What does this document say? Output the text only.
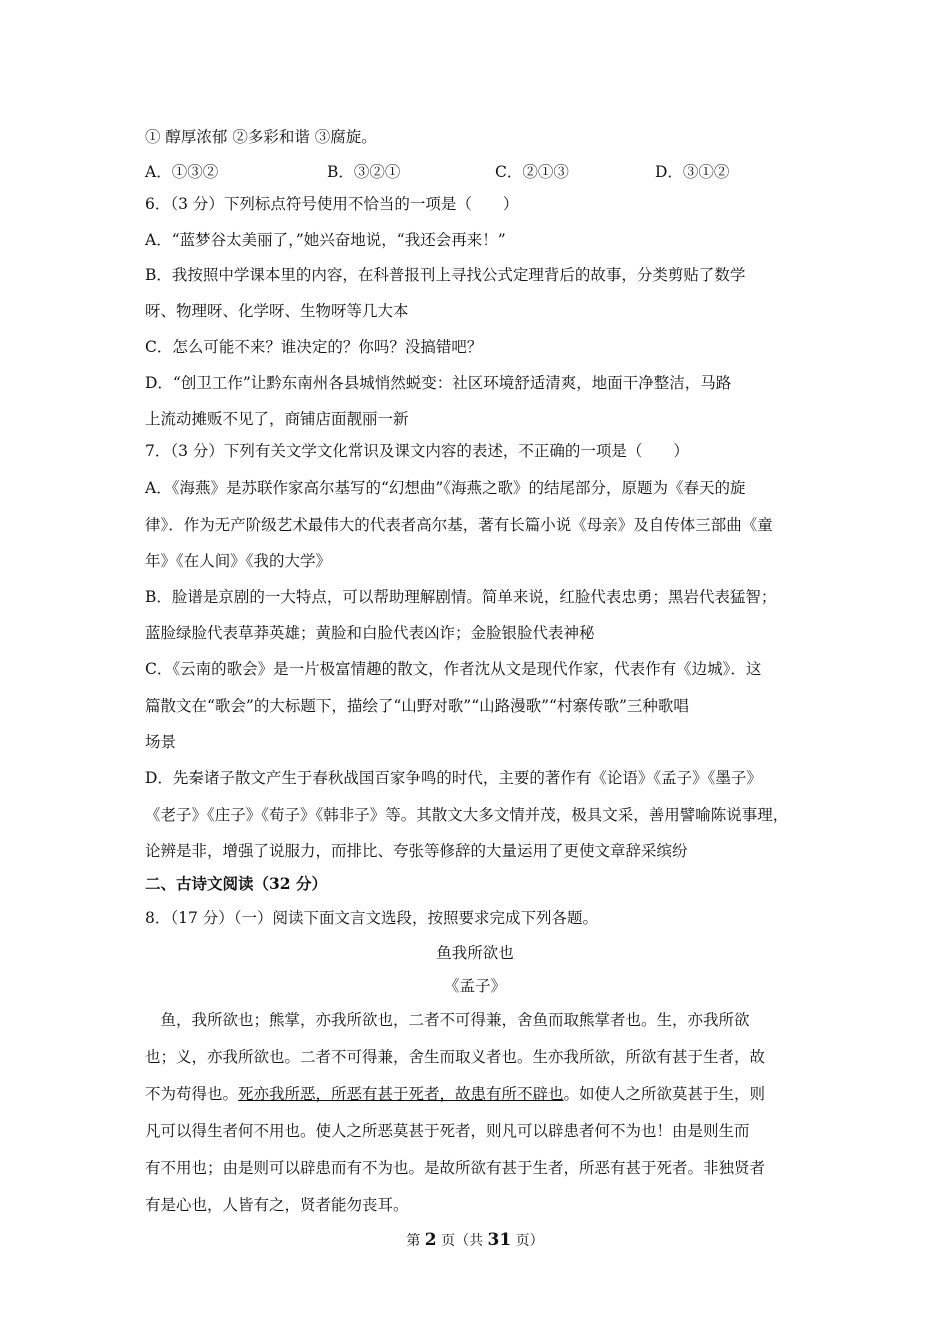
① 醇厚浓郁 ②多彩和谐 ③腐旋。
A．①③②	B．③②①	C．②①③	D．③①②
6．（3 分）下列标点符号使用不恰当的一项是（　　）
A．“蓝梦谷太美丽了，”她兴奋地说，“我还会再来！”
B．我按照中学课本里的内容，在科普报刊上寻找公式定理背后的故事，分类剪贴了数学
呀、物理呀、化学呀、生物呀等几大本
C．怎么可能不来？谁决定的？你吗？没搞错吧？
D．“创卫工作”让黔东南州各县城悄然蜕变：社区环境舒适清爽，地面干净整洁，马路
上流动摊贩不见了，商铺店面靓丽一新
7．（3 分）下列有关文学文化常识及课文内容的表述，不正确的一项是（　　）
A．《海燕》是苏联作家高尔基写的“幻想曲”《海燕之歌》的结尾部分，原题为《春天的旋
律》．作为无产阶级艺术最伟大的代表者高尔基，著有长篇小说《母亲》及自传体三部曲《童
年》《在人间》《我的大学》
B．脸谱是京剧的一大特点，可以帮助理解剧情。简单来说，红脸代表忠勇；黑岩代表猛智；
蓝脸绿脸代表草莽英雄；黄脸和白脸代表凶诈；金脸银脸代表神秘
C．《云南的歌会》是一片极富情趣的散文，作者沈从文是现代作家，代表作有《边城》．这
篇散文在“歌会”的大标题下，描绘了“山野对歌”“山路漫歌”“村寨传歌”三种歌唱
场景
D．先秦诸子散文产生于春秋战国百家争鸣的时代，主要的著作有《论语》《孟子》《墨子》
《老子》《庄子》《荀子》《韩非子》等。其散文大多文情并茂，极具文采，善用譬喻陈说事理，
论辨是非，增强了说服力，而排比、夸张等修辞的大量运用了更使文章辞采缤纷
二、古诗文阅读（32 分）
8．（17 分）（一）阅读下面文言文选段，按照要求完成下列各题。
鱼我所欲也
《孟子》
　鱼，我所欲也；熊掌，亦我所欲也，二者不可得兼，舍鱼而取熊掌者也。生，亦我所欲
也；义，亦我所欲也。二者不可得兼，舍生而取义者也。生亦我所欲，所欲有甚于生者，故
不为苟得也。死亦我所恶，所恶有甚于死者，故患有所不辟也。如使人之所欲莫甚于生，则
凡可以得生者何不用也。使人之所恶莫甚于死者，则凡可以辟患者何不为也！由是则生而
有不用也；由是则可以辟患而有不为也。是故所欲有甚于生者，所恶有甚于死者。非独贤者
有是心也，人皆有之，贤者能勿丧耳。
第 2 页（共 31 页）
